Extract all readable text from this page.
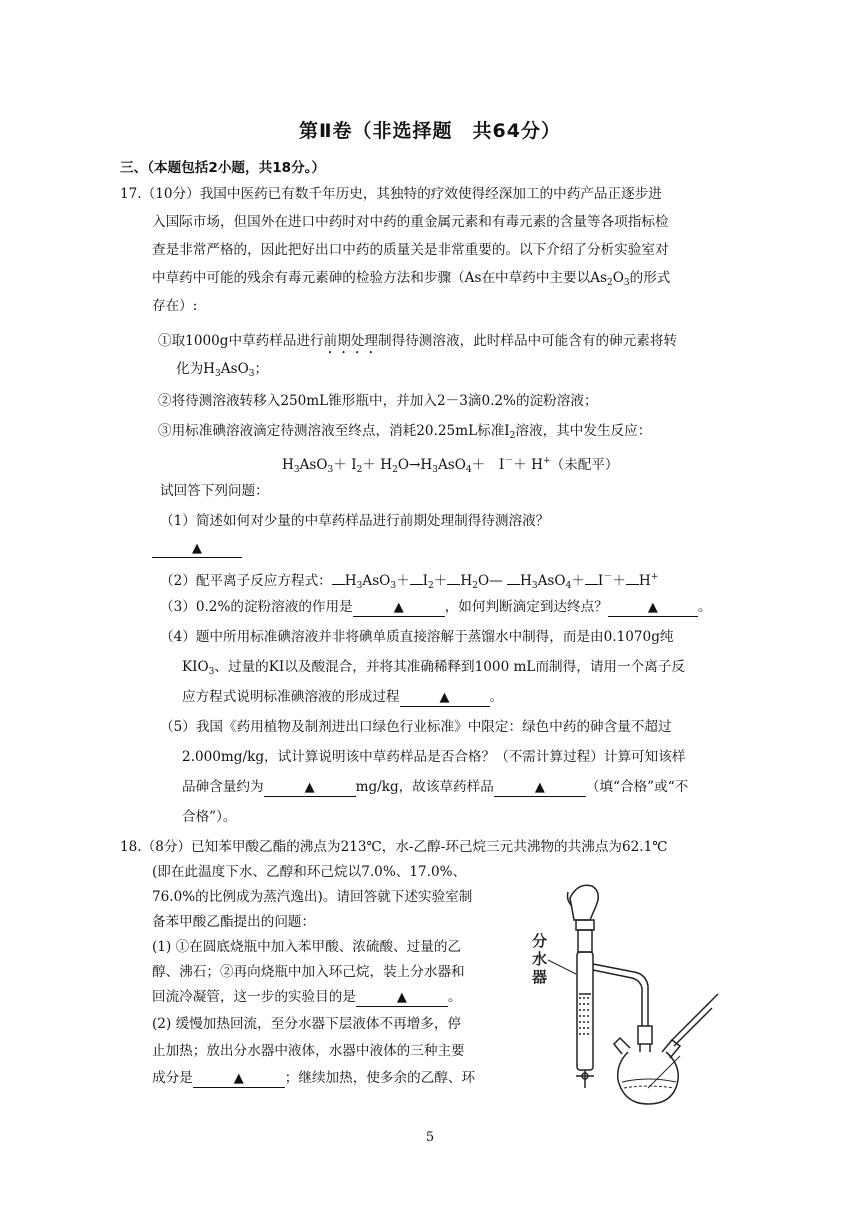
第Ⅱ卷（非选择题　共64分）
三、（本题包括2小题，共18分。）
17.（10分）我国中医药已有数千年历史，其独特的疗效使得经深加工的中药产品正逐步进
入国际市场，但国外在进口中药时对中药的重金属元素和有毒元素的含量等各项指标检
查是非常严格的，因此把好出口中药的质量关是非常重要的。以下介绍了分析实验室对
中草药中可能的残余有毒元素砷的检验方法和步骤（As在中草药中主要以$As_2O_3$的形式
存在）:
①取1000g中草药样品进行前期处理制得待测溶液，此时样品中可能含有的砷元素将转
化为$H_3AsO_3$；
②将待测溶液转移入250mL锥形瓶中，并加入2－3滴0.2%的淀粉溶液；
③用标准碘溶液滴定待测溶液至终点，消耗20.25mL标准$I_2$溶液，其中发生反应：
$H_3AsO_3+ I_2+ H_2O\to H_3AsO_4+$　I－＋ H+（未配平）
试回答下列问题：
（1）简述如何对少量的中草药样品进行前期处理制得待测溶液？
▲
（2）配平离子反应方程式： $H_3AsO_3+ I_2+$ $H_2O—$ $H_3AsO_4+ I^-+ H^+$
（3）0.2%的淀粉溶液的作用是	▲	，如何判断滴定到达终点？	▲	。
（4）题中所用标准碘溶液并非将碘单质直接溶解于蒸馏水中制得，而是由0.1070g纯
$KIO_3$、过量的KI以及酸混合，并将其准确稀释到1000 mL而制得，请用一个离子反
应方程式说明标准碘溶液的形成过程	▲	。
（5）我国《药用植物及制剂进出口绿色行业标准》中限定：绿色中药的砷含量不超过
2.000mg/kg，试计算说明该中草药样品是否合格？（不需计算过程）计算可知该样
品砷含量约为	▲	mg/kg，故该草药样品	▲	（填“合格”或“不
合格”）。
18.（8分）已知苯甲酸乙酯的沸点为213℃，水-乙醇-环己烷三元共沸物的共沸点为62.1℃
(即在此温度下水、乙醇和环己烷以7.0%、17.0%、
76.0%的比例成为蒸汽逸出)。请回答就下述实验室制
备苯甲酸乙酯提出的问题：
(1) ①在圆底烧瓶中加入苯甲酸、浓硫酸、过量的乙
醇、沸石；②再向烧瓶中加入环己烷，装上分水器和
回流冷凝管，这一步的实验目的是	▲	。
(2) 缓慢加热回流，至分水器下层液体不再增多，停
止加热；放出分水器中液体，水器中液体的三种主要
成分是	▲	；继续加热，使多余的乙醇、环
分
水
器
5
